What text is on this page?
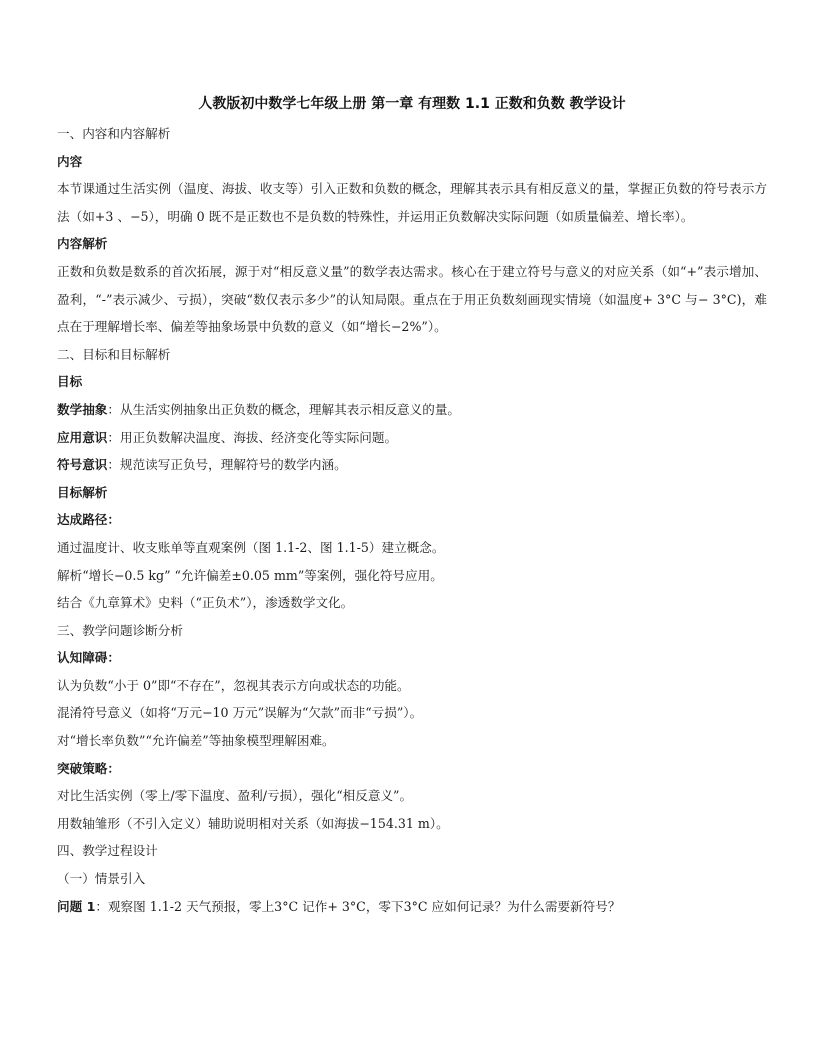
人教版初中数学七年级上册 第一章 有理数 1.1 正数和负数 教学设计
一、内容和内容解析
内容

本节课通过生活实例（温度、海拔、收支等）引入正数和负数的概念，理解其表示具有相反意义的量，掌握正负数的符号表示方法（如+3 、−5），明确 0 既不是正数也不是负数的特殊性，并运用正负数解决实际问题（如质量偏差、增长率）。

内容解析

正数和负数是数系的首次拓展，源于对“相反意义量”的数学表达需求。核心在于建立符号与意义的对应关系（如“+”表示增加、盈利，“-”表示减少、亏损），突破“数仅表示多少”的认知局限。重点在于用正负数刻画现实情境（如温度+ 3°C 与− 3°C)，难点在于理解增长率、偏差等抽象场景中负数的意义（如“增长−2%”）。

二、目标和目标解析
目标
数学抽象：从生活实例抽象出正负数的概念，理解其表示相反意义的量。
应用意识：用正负数解决温度、海拔、经济变化等实际问题。
符号意识：规范读写正负号，理解符号的数学内涵。
目标解析
达成路径：
通过温度计、收支账单等直观案例（图 1.1-2、图 1.1-5）建立概念。
解析“增长−0.5 kg” “允许偏差±0.05 mm”等案例，强化符号应用。
结合《九章算术》史料（“正负术”），渗透数学文化。
三、教学问题诊断分析
认知障碍：
认为负数“小于 0”即“不存在”，忽视其表示方向或状态的功能。
混淆符号意义（如将“万元−10 万元”误解为“欠款”而非“亏损”）。
对“增长率负数”“允许偏差”等抽象模型理解困难。
突破策略：
对比生活实例（零上/零下温度、盈利/亏损），强化“相反意义”。
用数轴雏形（不引入定义）辅助说明相对关系（如海拔−154.31 m）。
四、教学过程设计
（一）情景引入
问题 1：观察图 1.1-2 天气预报，零上3°C 记作+ 3°C，零下3°C 应如何记录？为什么需要新符号？
